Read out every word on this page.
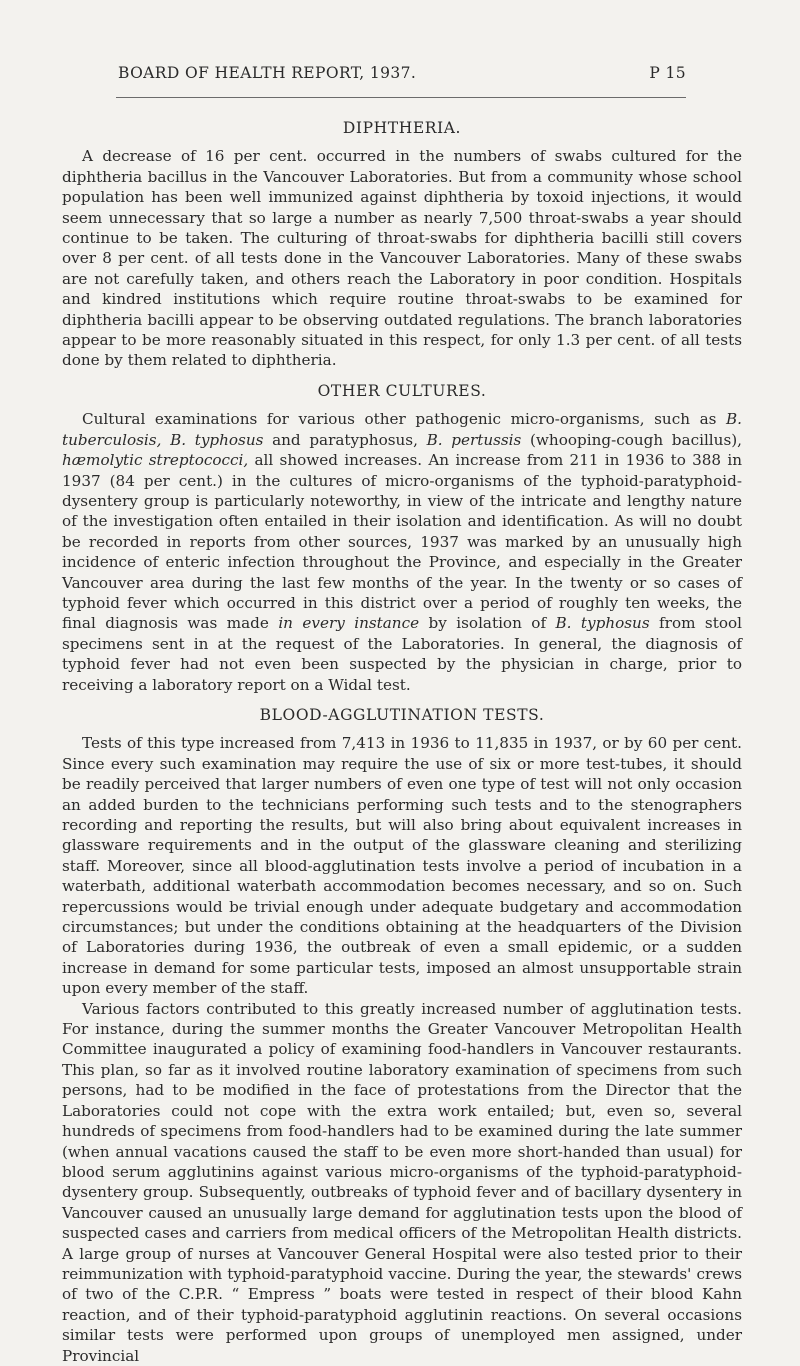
BOARD OF HEALTH REPORT, 1937.	P 15
DIPHTHERIA.

A decrease of 16 per cent. occurred in the numbers of swabs cultured for the diphtheria bacillus in the Vancouver Laboratories. But from a community whose school population has been well immunized against diphtheria by toxoid injections, it would seem unnecessary that so large a number as nearly 7,500 throat-swabs a year should continue to be taken. The culturing of throat-swabs for diphtheria bacilli still covers over 8 per cent. of all tests done in the Vancouver Laboratories. Many of these swabs are not carefully taken, and others reach the Laboratory in poor condition. Hospitals and kindred institutions which require routine throat-swabs to be examined for diphtheria bacilli appear to be observing outdated regulations. The branch laboratories appear to be more reasonably situated in this respect, for only 1.3 per cent. of all tests done by them related to diphtheria.

OTHER CULTURES.

Cultural examinations for various other pathogenic micro-organisms, such as B. tuberculosis, B. typhosus and paratyphosus, B. pertussis (whooping-cough bacillus), hæmolytic streptococci, all showed increases. An increase from 211 in 1936 to 388 in 1937 (84 per cent.) in the cultures of micro-organisms of the typhoid-paratyphoid-dysentery group is particularly noteworthy, in view of the intricate and lengthy nature of the investigation often entailed in their isolation and identification. As will no doubt be recorded in reports from other sources, 1937 was marked by an unusually high incidence of enteric infection throughout the Province, and especially in the Greater Vancouver area during the last few months of the year. In the twenty or so cases of typhoid fever which occurred in this district over a period of roughly ten weeks, the final diagnosis was made in every instance by isolation of B. typhosus from stool specimens sent in at the request of the Laboratories. In general, the diagnosis of typhoid fever had not even been suspected by the physician in charge, prior to receiving a laboratory report on a Widal test.

BLOOD-AGGLUTINATION TESTS.

Tests of this type increased from 7,413 in 1936 to 11,835 in 1937, or by 60 per cent. Since every such examination may require the use of six or more test-tubes, it should be readily perceived that larger numbers of even one type of test will not only occasion an added burden to the technicians performing such tests and to the stenographers recording and reporting the results, but will also bring about equivalent increases in glassware requirements and in the output of the glassware cleaning and sterilizing staff. Moreover, since all blood-agglutination tests involve a period of incubation in a waterbath, additional waterbath accommodation becomes necessary, and so on. Such repercussions would be trivial enough under adequate budgetary and accommodation circumstances; but under the conditions obtaining at the headquarters of the Division of Laboratories during 1936, the outbreak of even a small epidemic, or a sudden increase in demand for some particular tests, imposed an almost unsupportable strain upon every member of the staff.

Various factors contributed to this greatly increased number of agglutination tests. For instance, during the summer months the Greater Vancouver Metropolitan Health Committee inaugurated a policy of examining food-handlers in Vancouver restaurants. This plan, so far as it involved routine laboratory examination of specimens from such persons, had to be modified in the face of protestations from the Director that the Laboratories could not cope with the extra work entailed; but, even so, several hundreds of specimens from food-handlers had to be examined during the late summer (when annual vacations caused the staff to be even more short-handed than usual) for blood serum agglutinins against various micro-organisms of the typhoid-paratyphoid-dysentery group. Subsequently, outbreaks of typhoid fever and of bacillary dysentery in Vancouver caused an unusually large demand for agglutination tests upon the blood of suspected cases and carriers from medical officers of the Metropolitan Health districts. A large group of nurses at Vancouver General Hospital were also tested prior to their reimmunization with typhoid-paratyphoid vaccine. During the year, the stewards' crews of two of the C.P.R. “ Empress ” boats were tested in respect of their blood Kahn reaction, and of their typhoid-paratyphoid agglutinin reactions. On several occasions similar tests were performed upon groups of unemployed men assigned, under Provincial
